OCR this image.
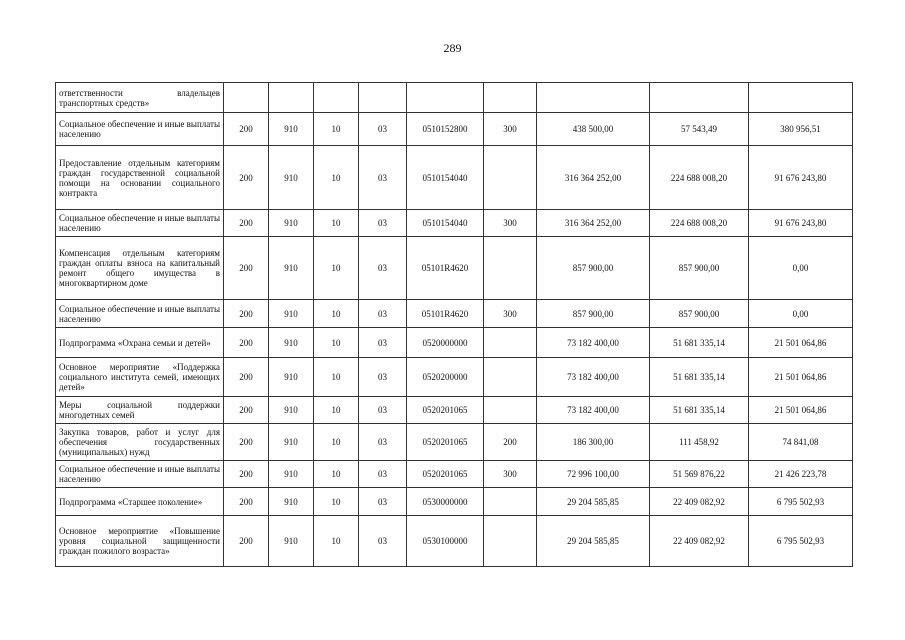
289
ответственности владельцев транспортных средств»									
Социальное обеспечение и иные выплаты населению	200	910	10	03	0510152800	300	438 500,00	57 543,49	380 956,51
Предоставление отдельным категориям граждан государственной социальной помощи на основании социального контракта	200	910	10	03	0510154040		316 364 252,00	224 688 008,20	91 676 243,80
Социальное обеспечение и иные выплаты населению	200	910	10	03	0510154040	300	316 364 252,00	224 688 008,20	91 676 243,80
Компенсация отдельным категориям граждан оплаты взноса на капитальный ремонт общего имущества в многоквартирном доме	200	910	10	03	05101R4620		857 900,00	857 900,00	0,00
Социальное обеспечение и иные выплаты населению	200	910	10	03	05101R4620	300	857 900,00	857 900,00	0,00
Подпрограмма «Охрана семьи и детей»	200	910	10	03	0520000000		73 182 400,00	51 681 335,14	21 501 064,86
Основное мероприятие «Поддержка социального института семей, имеющих детей»	200	910	10	03	0520200000		73 182 400,00	51 681 335,14	21 501 064,86
Меры социальной поддержки многодетных семей	200	910	10	03	0520201065		73 182 400,00	51 681 335,14	21 501 064,86
Закупка товаров, работ и услуг для обеспечения государственных (муниципальных) нужд	200	910	10	03	0520201065	200	186 300,00	111 458,92	74 841,08
Социальное обеспечение и иные выплаты населению	200	910	10	03	0520201065	300	72 996 100,00	51 569 876,22	21 426 223,78
Подпрограмма «Старшее поколение»	200	910	10	03	0530000000		29 204 585,85	22 409 082,92	6 795 502,93
Основное мероприятие «Повышение уровня социальной защищенности граждан пожилого возраста»	200	910	10	03	0530100000		29 204 585,85	22 409 082,92	6 795 502,93
